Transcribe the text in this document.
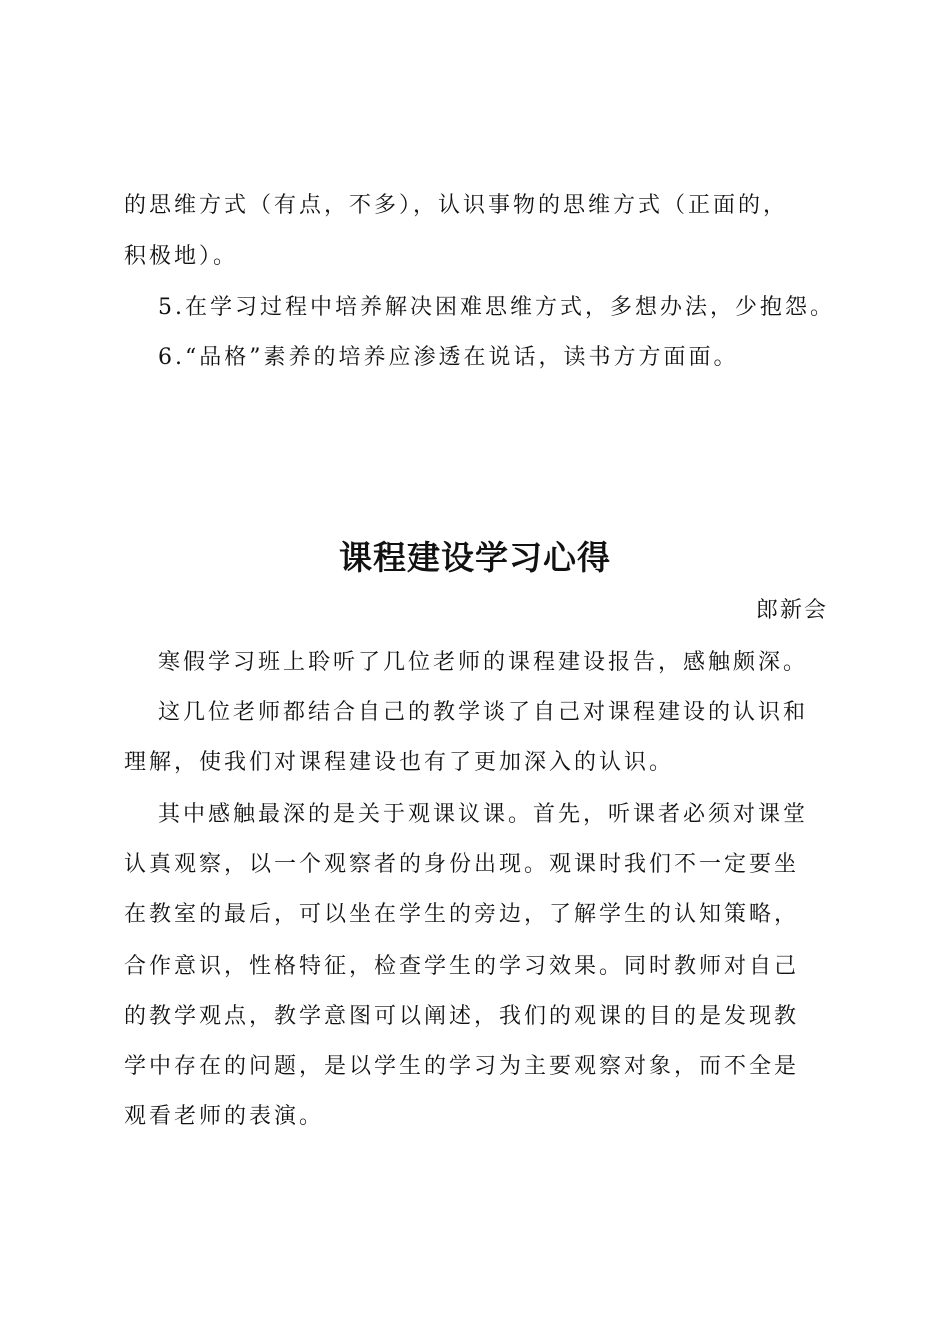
的思维方式（有点，不多），认识事物的思维方式（正面的，
积极地）。
5.在学习过程中培养解决困难思维方式，多想办法，少抱怨。
6.“品格”素养的培养应渗透在说话，读书方方面面。
课程建设学习心得
郎新会
寒假学习班上聆听了几位老师的课程建设报告，感触颇深。
这几位老师都结合自己的教学谈了自己对课程建设的认识和
理解，使我们对课程建设也有了更加深入的认识。
其中感触最深的是关于观课议课。首先，听课者必须对课堂
认真观察，以一个观察者的身份出现。观课时我们不一定要坐
在教室的最后，可以坐在学生的旁边，了解学生的认知策略，
合作意识，性格特征，检查学生的学习效果。同时教师对自己
的教学观点，教学意图可以阐述，我们的观课的目的是发现教
学中存在的问题，是以学生的学习为主要观察对象，而不全是
观看老师的表演。
